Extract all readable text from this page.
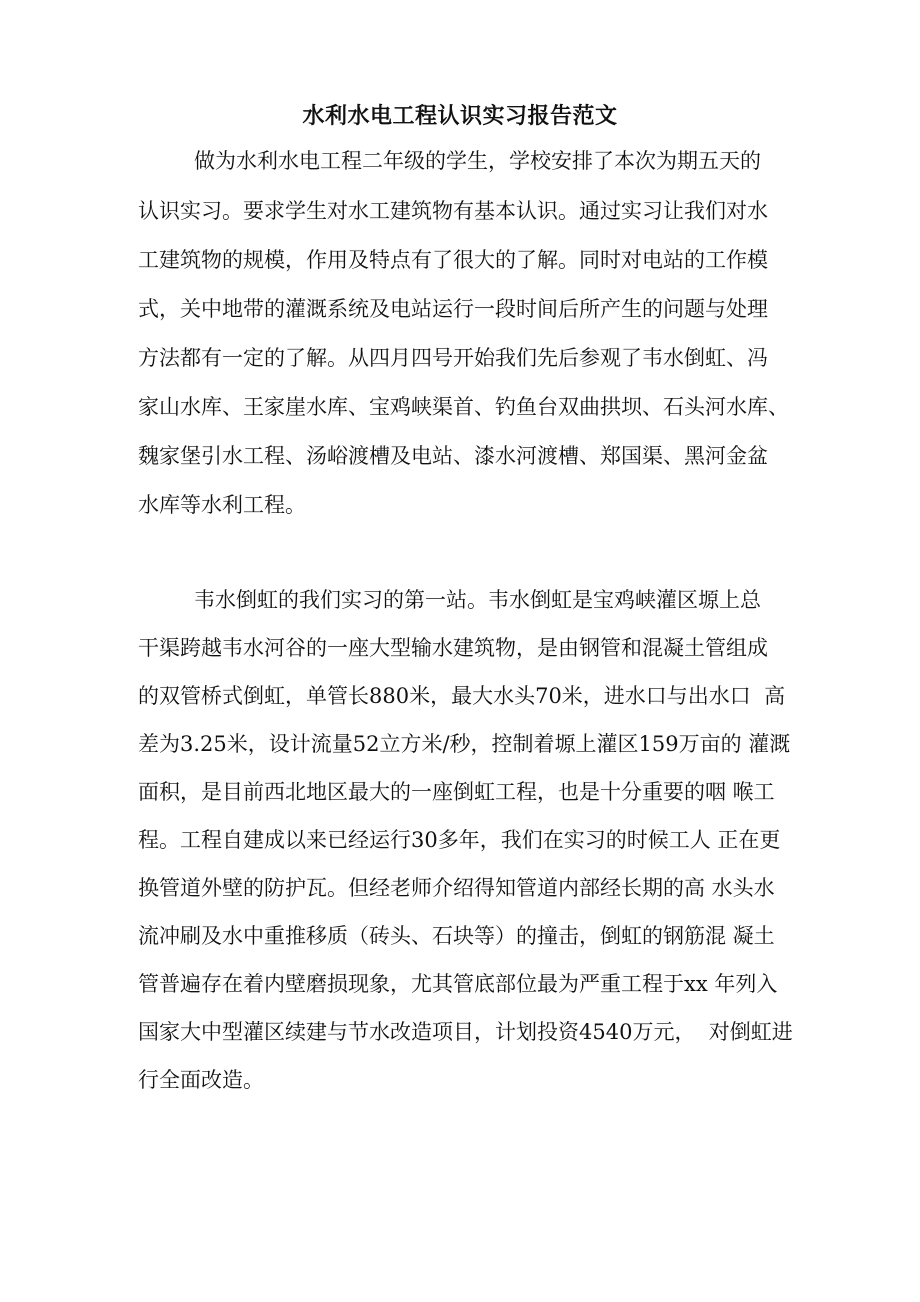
水利水电工程认识实习报告范文
做为水利水电工程二年级的学生，学校安排了本次为期五天的
认识实习。要求学生对水工建筑物有基本认识。通过实习让我们对水
工建筑物的规模，作用及特点有了很大的了解。同时对电站的工作模
式，关中地带的灌溉系统及电站运行一段时间后所产生的问题与处理
方法都有一定的了解。从四月四号开始我们先后参观了韦水倒虹、冯
家山水库、王家崖水库、宝鸡峡渠首、钓鱼台双曲拱坝、石头河水库、
魏家堡引水工程、汤峪渡槽及电站、漆水河渡槽、郑国渠、黑河金盆
水库等水利工程。
韦水倒虹的我们实习的第一站。韦水倒虹是宝鸡峡灌区塬上总
干渠跨越韦水河谷的一座大型输水建筑物，是由钢管和混凝土管组成
的双管桥式倒虹，单管长880米，最大水头70米，进水口与出水口  高
差为3.25米，设计流量52立方米/秒，控制着塬上灌区159万亩的 灌溉
面积，是目前西北地区最大的一座倒虹工程，也是十分重要的咽 喉工
程。工程自建成以来已经运行30多年，我们在实习的时候工人 正在更
换管道外壁的防护瓦。但经老师介绍得知管道内部经长期的高 水头水
流冲刷及水中重推移质（砖头、石块等）的撞击，倒虹的钢筋混 凝土
管普遍存在着内壁磨损现象，尤其管底部位最为严重工程于xx 年列入
国家大中型灌区续建与节水改造项目，计划投资4540万元，  对倒虹进
行全面改造。
